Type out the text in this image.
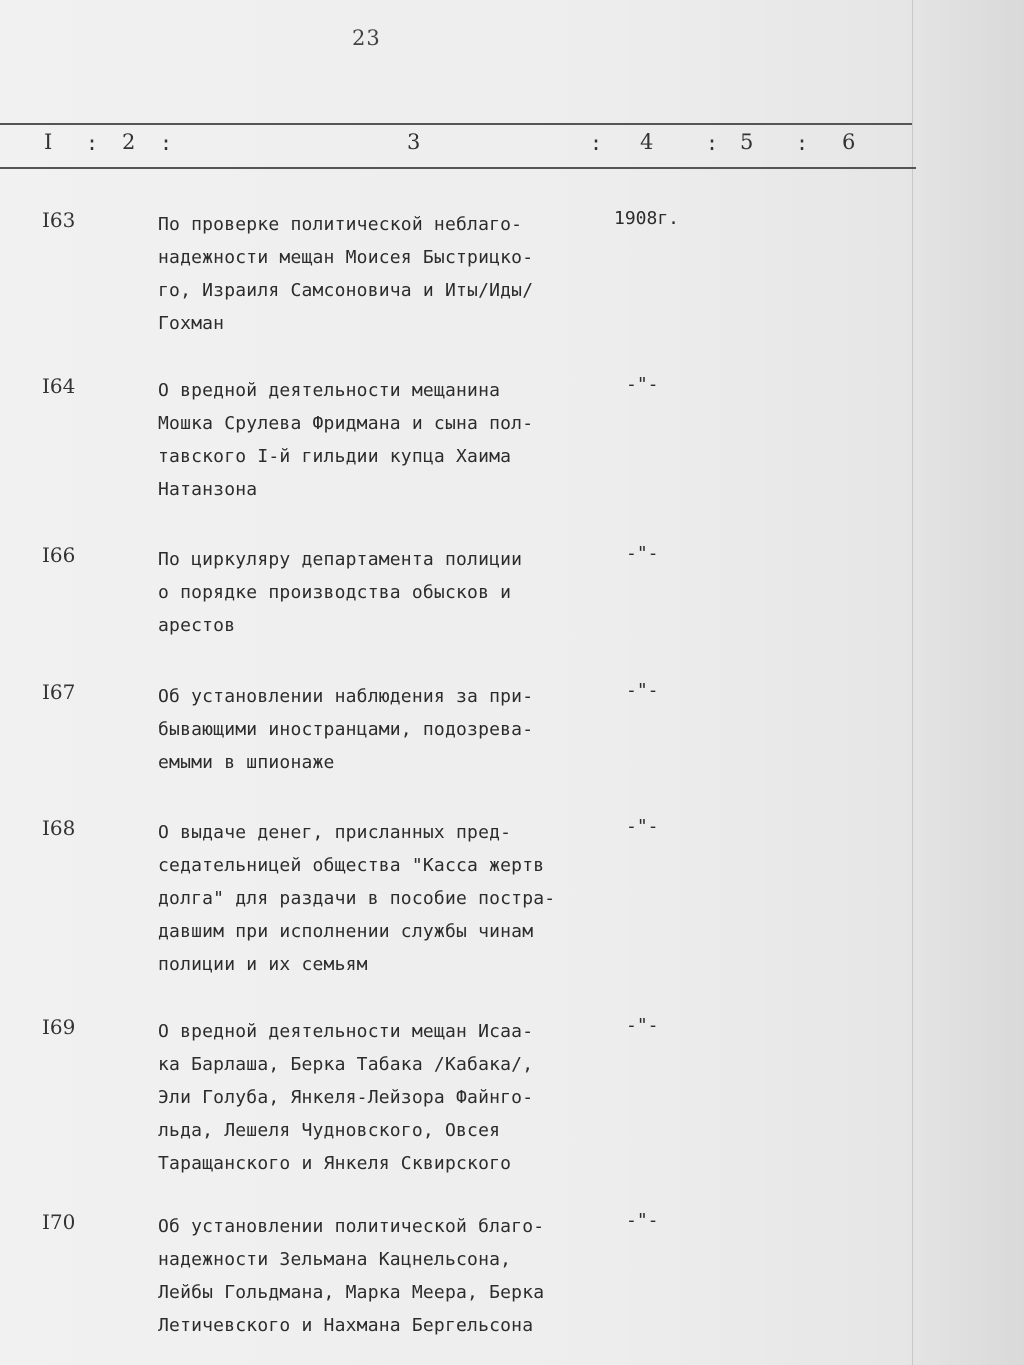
23
I : 2 :	3	: 4	: 5 : 6
I63	По проверке политической неблаго-
надежности мещан Моисея Быстрицко-
го, Израиля Самсоновича и Иты/Иды/
Гохман
1908г.
I64	О вредной деятельности мещанина
Мошка Срулева Фридмана и сына пол-
тавского I-й гильдии купца Хаима
Натанзона
-"-
I66	По циркуляру департамента полиции
о порядке производства обысков и
арестов
-"-
I67	Об установлении наблюдения за при-
бывающими иностранцами, подозрева-
емыми в шпионаже
-"-
I68	О выдаче денег, присланных пред-
седательницей общества "Касса жертв
долга" для раздачи в пособие постра-
давшим при исполнении службы чинам
полиции и их семьям
-"-
I69	О вредной деятельности мещан Исаа-
ка Барлаша, Берка Табака /Кабака/,
Эли Голуба, Янкеля-Лейзора Файнго-
льда, Лешеля Чудновского, Овсея
Таращанского и Янкеля Сквирского
-"-
I70	Об установлении политической благо-
надежности Зельмана Кацнельсона,
Лейбы Гольдмана, Марка Меера, Берка
Летичевского и Нахмана Бергельсона
-"-
